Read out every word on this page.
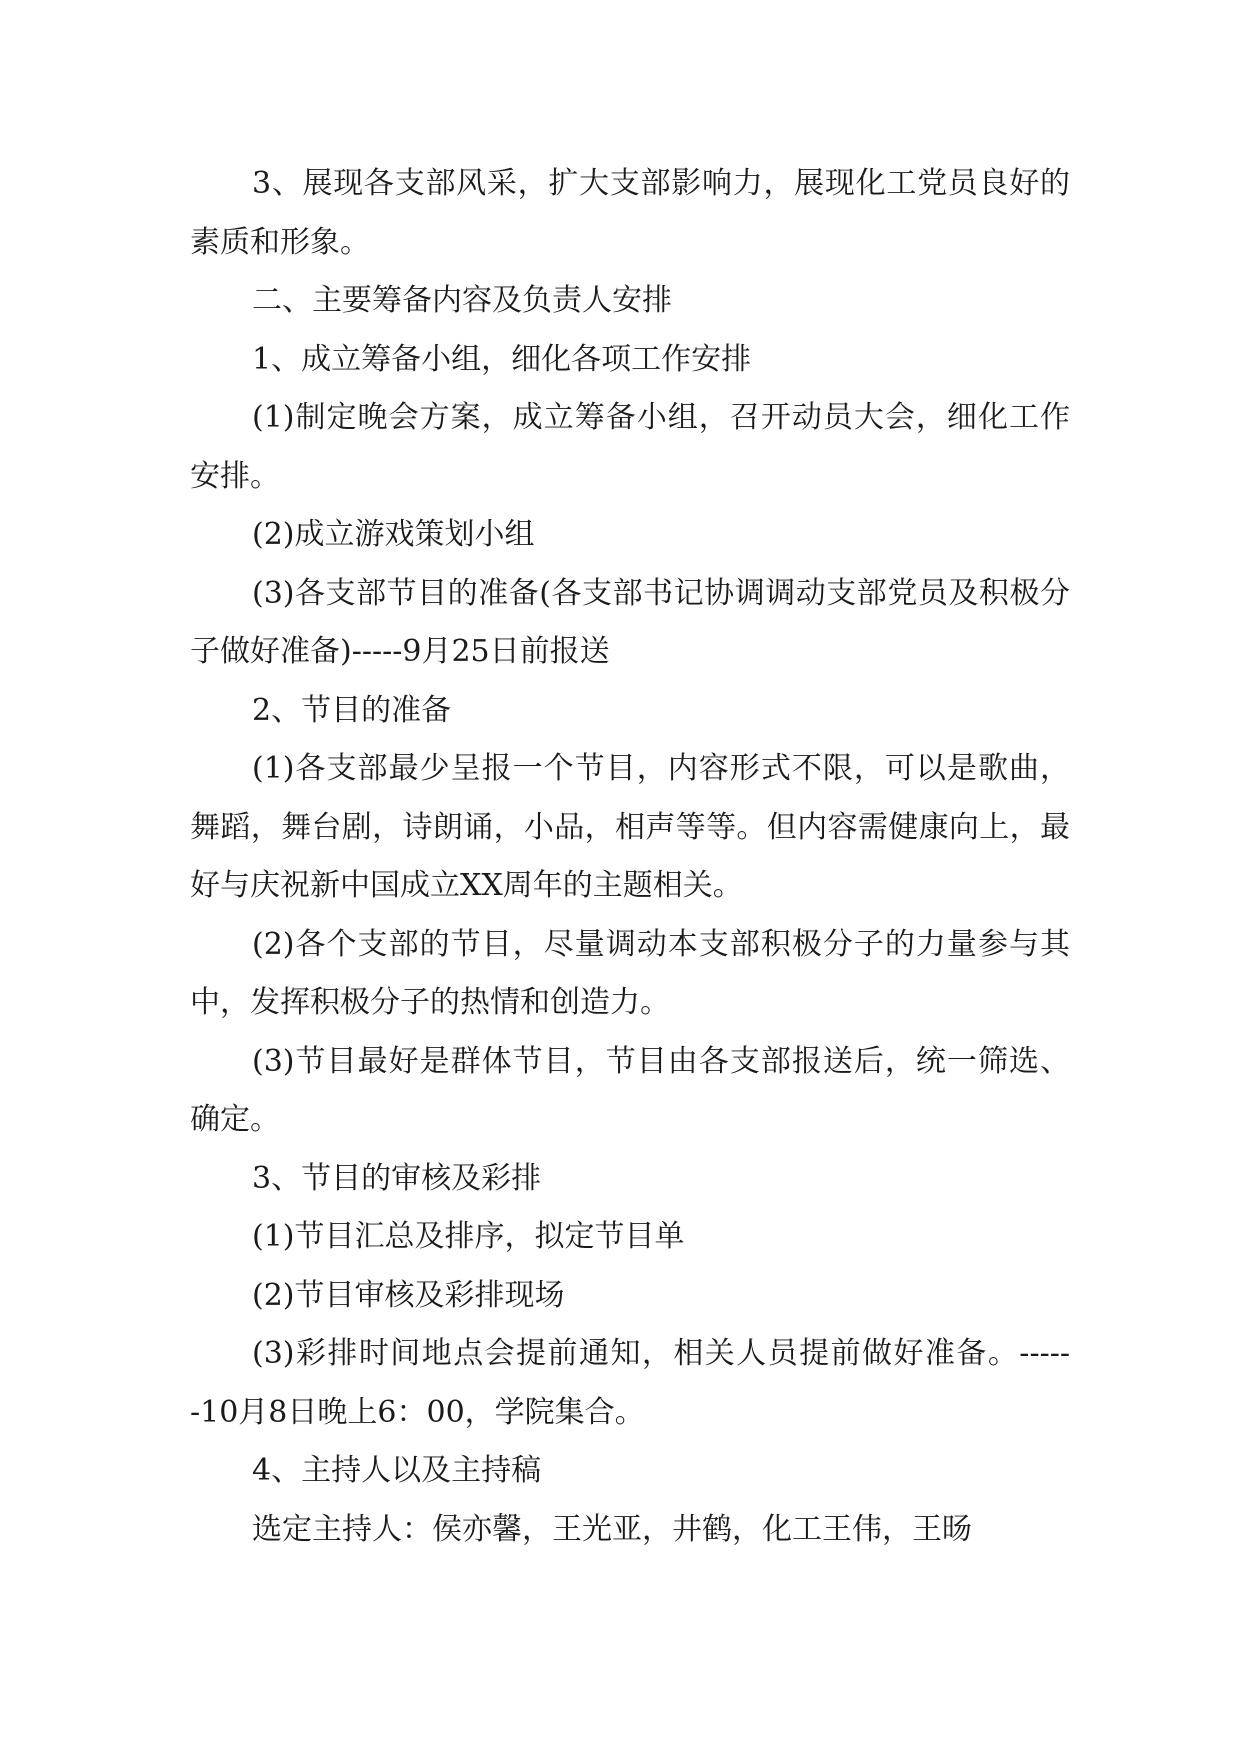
3、展现各支部风采，扩大支部影响力，展现化工党员良好的素质和形象。

二、主要筹备内容及负责人安排

1、成立筹备小组，细化各项工作安排

(1)制定晚会方案，成立筹备小组，召开动员大会，细化工作安排。

(2)成立游戏策划小组

(3)各支部节目的准备(各支部书记协调调动支部党员及积极分子做好准备)-----9月25日前报送

2、节目的准备

(1)各支部最少呈报一个节目，内容形式不限，可以是歌曲，舞蹈，舞台剧，诗朗诵，小品，相声等等。但内容需健康向上，最好与庆祝新中国成立XX周年的主题相关。

(2)各个支部的节目，尽量调动本支部积极分子的力量参与其中，发挥积极分子的热情和创造力。

(3)节目最好是群体节目，节目由各支部报送后，统一筛选、确定。

3、节目的审核及彩排

(1)节目汇总及排序，拟定节目单

(2)节目审核及彩排现场

(3)彩排时间地点会提前通知，相关人员提前做好准备。------10月8日晚上6：00，学院集合。

4、主持人以及主持稿

选定主持人：侯亦馨，王光亚，井鹤，化工王伟，王旸
